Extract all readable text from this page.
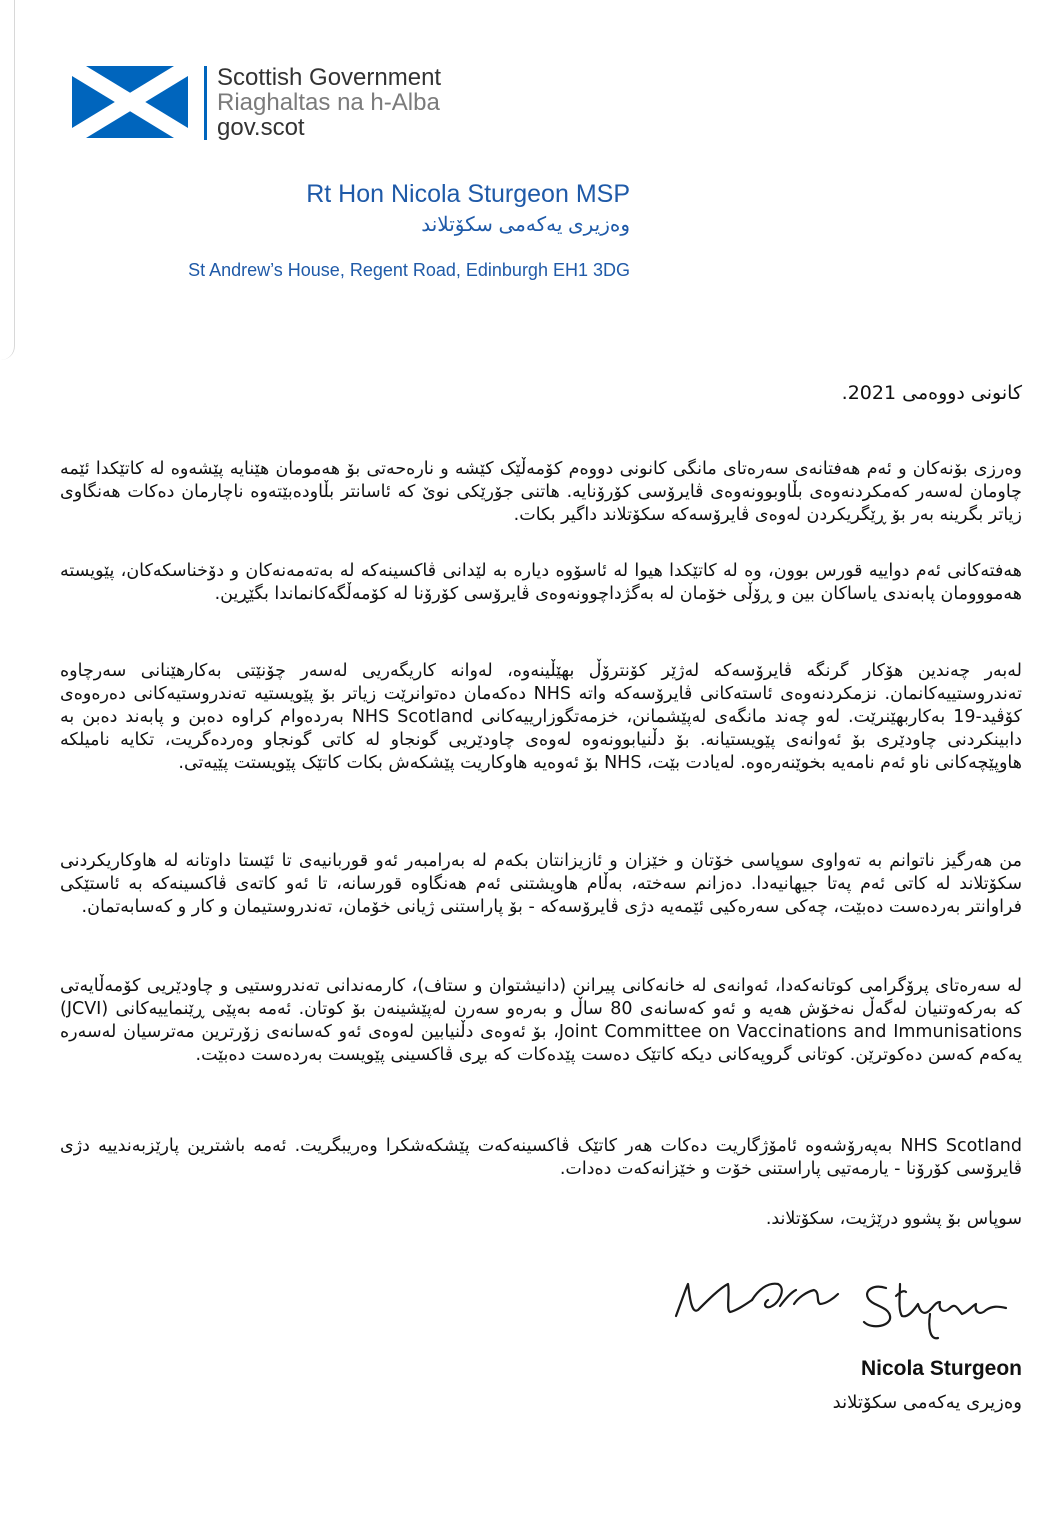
Scottish Government
Riaghaltas na h-Alba
gov.scot
Rt Hon Nicola Sturgeon MSP
وەزیری یەکەمی سکۆتلاند
St Andrew’s House, Regent Road, Edinburgh EH1 3DG
کانونی دووەمی 2021.

وەرزی بۆنەکان و ئەم هەفتانەی سەرەتای مانگی کانونی دووەم کۆمەڵێک کێشە و نارەحەتی بۆ هەمومان هێنایە پێشەوە لە کاتێکدا ئێمە چاومان لەسەر کەمکردنەوەی بڵاوبوونەوەی ڤایرۆسی کۆرۆنایە. هاتنی جۆرێکی نوێ کە ئاسانتر بڵاودەبێتەوە ناچارمان دەکات هەنگاوی زیاتر بگرینە بەر بۆ ڕێگریکردن لەوەی ڤایرۆسەکە سکۆتلاند داگیر بکات.

هەفتەکانی ئەم دواییە قورس بوون، وە لە کاتێکدا هیوا لە ئاسۆوە دیارە بە لێدانی ڤاکسینەکە لە بەتەمەنەکان و دۆخناسکەکان، پێویستە هەمووومان پابەندی یاساکان بین و ڕۆڵی خۆمان لە بەگژداچوونەوەی ڤایرۆسی کۆرۆنا لە کۆمەڵگەکانماندا بگێڕین.

لەبەر چەندین هۆکار گرنگە ڤایرۆسەکە لەژێر کۆنترۆڵ بهێڵینەوە، لەوانە کاریگەریی لەسەر چۆنێتی بەکارهێنانی سەرچاوە تەندروستییەکانمان. نزمکردنەوەی ئاستەکانی ڤایرۆسەکە واتە NHS دەکەمان دەتوانرێت زیاتر بۆ پێویستیە تەندروستیەکانی دەرەوەی کۆڤید-19 بەکاربهێنرێت. لەو چەند مانگەی لەپێشمانن، خزمەتگوزارییەکانی NHS Scotland بەردەوام کراوە دەبن و پابەند دەبن بە دابینکردنی چاودێری بۆ ئەوانەی پێویستیانە. بۆ دڵنیابوونەوە لەوەی چاودێریی گونجاو لە کاتی گونجاو وەردەگریت، تکایە نامیلکە هاوپێچەکانی ناو ئەم نامەیە بخوێنەرەوە. لەیادت بێت، NHS بۆ ئەوەیە هاوکاریت پێشکەش بکات کاتێک پێویستت پێیەتی.

من هەرگیز ناتوانم بە تەواوی سوپاسی خۆتان و خێزان و ئازیزانتان بکەم لە بەرامبەر ئەو قوربانیەی تا ئێستا داوتانە لە هاوکاریکردنی سکۆتلاند لە کاتی ئەم پەتا جیهانیەدا. دەزانم سەختە، بەڵام هاویشتنی ئەم هەنگاوە قورسانە، تا ئەو کاتەی ڤاکسینەکە بە ئاستێکی فراوانتر بەردەست دەبێت، چەکی سەرەکیی ئێمەیە دژی ڤایرۆسەکە - بۆ پاراستنی ژیانی خۆمان، تەندروستیمان و کار و کەسابەتمان.

لە سەرەتای پرۆگرامی کوتانەکەدا، ئەوانەی لە خانەکانی پیرانن (دانیشتوان و ستاف)، کارمەندانی تەندروستیی و چاودێریی کۆمەڵایەتی کە بەرکەوتنیان لەگەڵ نەخۆش هەیە و ئەو کەسانەی 80 ساڵ و بەرەو سەرن لەپێشینەن بۆ کوتان. ئەمە بەپێی ڕێنماییەکانی (JCVI) Joint Committee on Vaccinations and Immunisations، بۆ ئەوەی دڵنیابین لەوەی ئەو کەسانەی زۆرترین مەترسیان لەسەرە یەکەم کەسن دەکوترێن. کوتانی گروپەکانی دیکە کاتێک دەست پێدەکات کە بڕی ڤاکسینی پێویست بەردەست دەبێت.

NHS Scotland بەپەرۆشەوە ئامۆژگاریت دەکات هەر کاتێک ڤاکسینەکەت پێشکەشکرا وەریبگریت. ئەمە باشترین پارێزبەندییە دژی ڤایرۆسی کۆرۆنا - یارمەتیی پاراستنی خۆت و خێزانەکەت دەدات.

سوپاس بۆ پشوو درێژیت، سکۆتلاند.

Nicola Sturgeon
وەزیری یەکەمی سکۆتلاند
